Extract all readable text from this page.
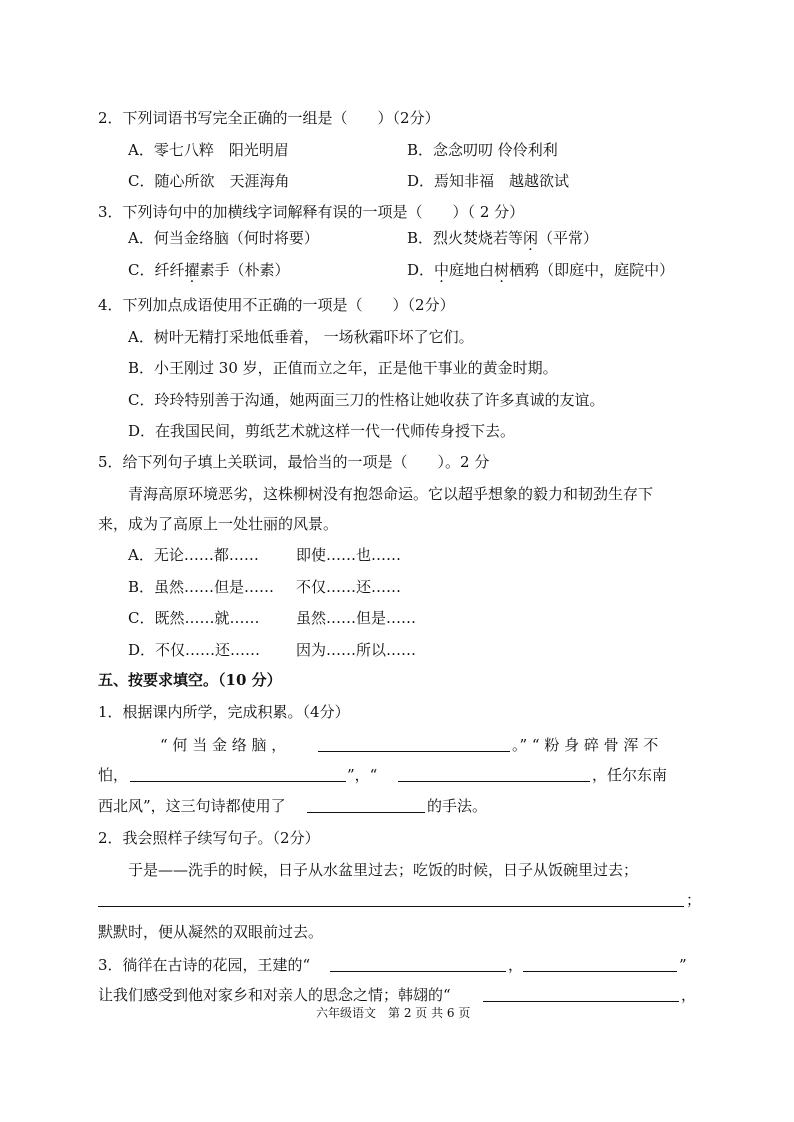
2．下列词语书写完全正确的一组是（　　）（2分）
A．零七八粹　阳光明眉	B．念念叨叨 伶伶利利
C．随心所欲　天涯海角	D．焉知非福　越越欲试
3．下列诗句中的加横线字词解释有误的一项是（　　）（ 2 分）
A．何当金络脑（何时将要）	B．烈火焚烧若等闲（平常）
C．纤纤擢素手（朴素）	D．中庭地白树栖鸦（即庭中，庭院中）
4．下列加点成语使用不正确的一项是（　　）（2分）
A．树叶无精打采地低垂着， 一场秋霜吓坏了它们。
B．小王刚过 30 岁，正值而立之年，正是他干事业的黄金时期。
C．玲玲特别善于沟通，她两面三刀的性格让她收获了许多真诚的友谊。
D．在我国民间，剪纸艺术就这样一代一代师传身授下去。
5．给下列句子填上关联词，最恰当的一项是（　　）。2 分
青海高原环境恶劣，这株柳树没有抱怨命运。它以超乎想象的毅力和韧劲生存下
来，成为了高原上一处壮丽的风景。
A．无论……都…… 即使……也……
B．虽然……但是…… 不仅……还……
C．既然……就…… 虽然……但是……
D．不仅……还…… 因为……所以……
五、按要求填空。（10 分）
1．根据课内所学，完成积累。（4分）
“ 何 当 金 络 脑 ，	。” “ 粉 身 碎 骨 浑 不
怕，	”，“	，任尔东南
西北风”，这三句诗都使用了	的手法。
2．我会照样子续写句子。（2分）
于是——洗手的时候，日子从水盆里过去；吃饭的时候，日子从饭碗里过去；
；
默默时，便从凝然的双眼前过去。
3．徜徉在古诗的花园，王建的“	，	”
让我们感受到他对家乡和对亲人的思念之情；韩翃的“	，
六年级语文　第 2 页 共 6 页
